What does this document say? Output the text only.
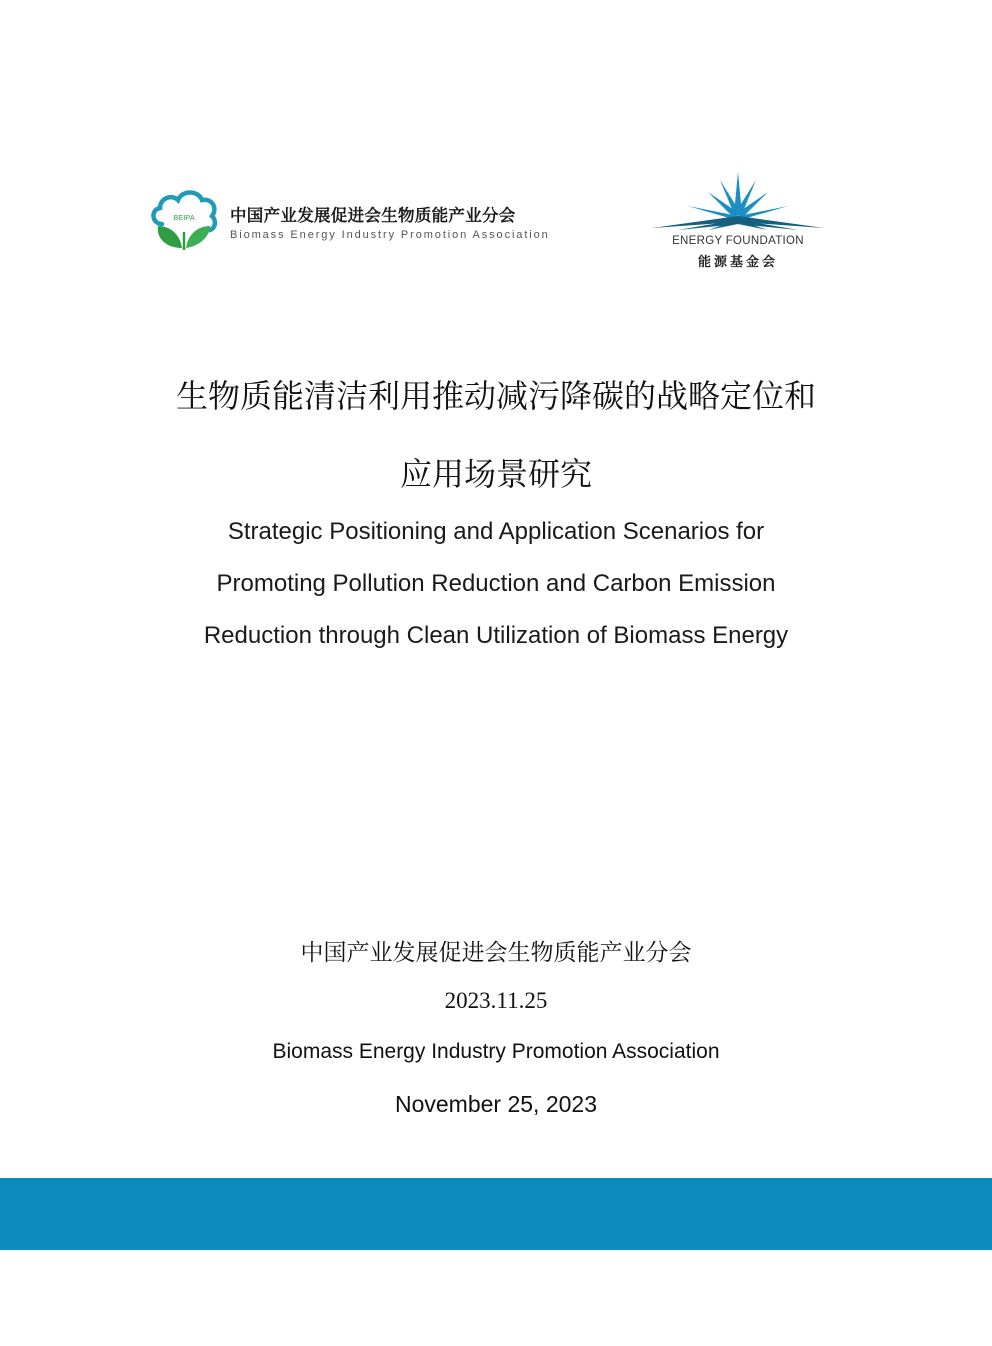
BEIPA 中国产业发展促进会生物质能产业分会
Biomass Energy Industry Promotion Association	ENERGY FOUNDATION
能源基金会
生物质能清洁利用推动减污降碳的战略定位和
应用场景研究
Strategic Positioning and Application Scenarios for
Promoting Pollution Reduction and Carbon Emission
Reduction through Clean Utilization of Biomass Energy
中国产业发展促进会生物质能产业分会
2023.11.25
Biomass Energy Industry Promotion Association
November 25, 2023
